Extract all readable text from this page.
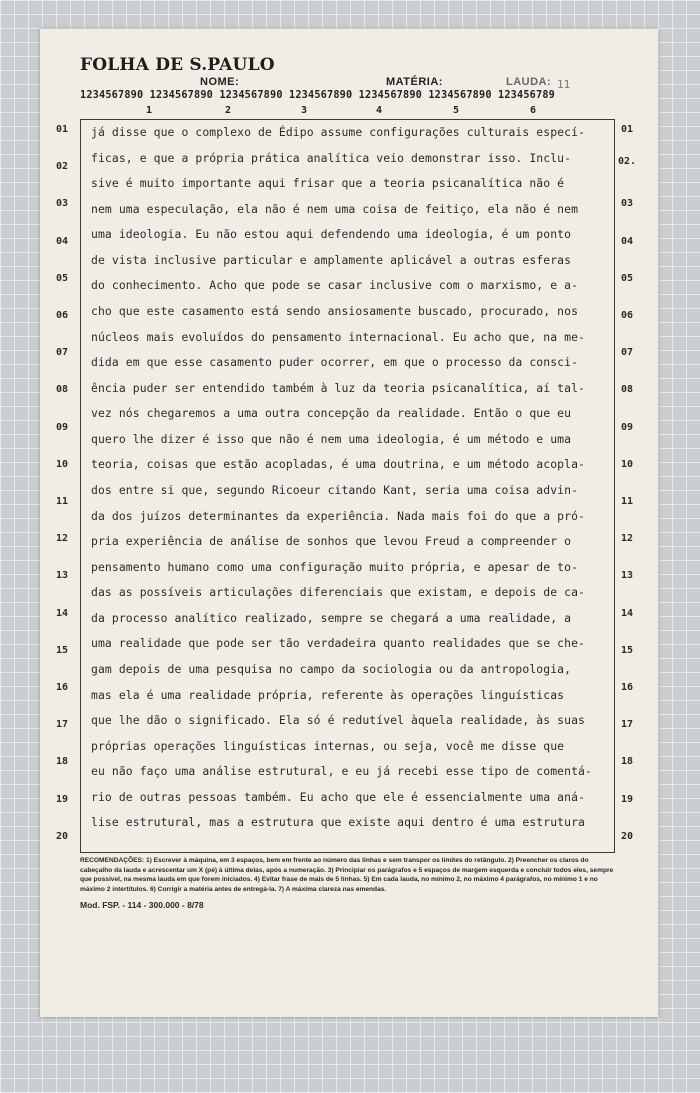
FOLHA DE S.PAULO
NOME:	MATÉRIA:	LAUDA: 11
1234567890 1234567890 1234567890 1234567890 1234567890 1234567890 123456789
1	2	3	4	5	6
01
02
03
04
05
06
07
08
09
10
11
12
13
14
15
16
17
18
19
20
01
02.
03
04
05
06
07
08
09
10
11
12
13
14
15
16
17
18
19
20
já disse que o complexo de Édipo assume configurações culturais especí-
ficas, e que a própria prática analítica veio demonstrar isso. Inclu-
sive é muito importante aqui frisar que a teoria psicanalítica não é
nem uma especulação, ela não é nem uma coisa de feitiço, ela não é nem
uma ideologia. Eu não estou aqui defendendo uma ideologia, é um ponto
de vista inclusive particular e amplamente aplicável a outras esferas
do conhecimento. Acho que pode se casar inclusive com o marxismo, e a-
cho que este casamento está sendo ansiosamente buscado, procurado, nos
núcleos mais evoluídos do pensamento internacional. Eu acho que, na me-
dida em que esse casamento puder ocorrer, em que o processo da consci-
ência puder ser entendido também à luz da teoria psicanalítica, aí tal-
vez nós chegaremos a uma outra concepção da realidade. Então o que eu
quero lhe dizer é isso que não é nem uma ideologia, é um método e uma
teoria, coisas que estão acopladas, é uma doutrina, e um método acopla-
dos entre si que, segundo Ricoeur citando Kant, seria uma coisa advin-
da dos juízos determinantes da experiência. Nada mais foi do que a pró-
pria experiência de análise de sonhos que levou Freud a compreender o
pensamento humano como uma configuração muito própria, e apesar de to-
das as possíveis articulações diferenciais que existam, e depois de ca-
da processo analítico realizado, sempre se chegará a uma realidade, a
uma realidade que pode ser tão verdadeira quanto realidades que se che-
gam depois de uma pesquisa no campo da sociologia ou da antropologia,
mas ela é uma realidade própria, referente às operações linguísticas
que lhe dão o significado. Ela só é redutível àquela realidade, às suas
próprias operações linguísticas internas, ou seja, você me disse que
eu não faço uma análise estrutural, e eu já recebi esse tipo de comentá-
rio de outras pessoas também. Eu acho que ele é essencialmente uma aná-
lise estrutural, mas a estrutura que existe aqui dentro é uma estrutura
RECOMENDAÇÕES: 1) Escrever à máquina, em 3 espaços, bem em frente ao número das linhas e sem transpor os limites do retângulo. 2) Preencher os claros do cabeçalho da lauda e acrescentar um X (pé) à última delas, após a numeração. 3) Principiar os parágrafos e 5 espaços de margem esquerda e concluir todos eles, sempre que possível, na mesma lauda em que forem iniciados. 4) Evitar frase de mais de 5 linhas. 5) Em cada lauda, no mínimo 2, no máximo 4 parágrafos, no mínimo 1 e no máximo 2 intertítulos. 6) Corrigir a matéria antes de entregá-la. 7) A máxima clareza nas emendas.
Mod. FSP. - 114 - 300.000 - 8/78
